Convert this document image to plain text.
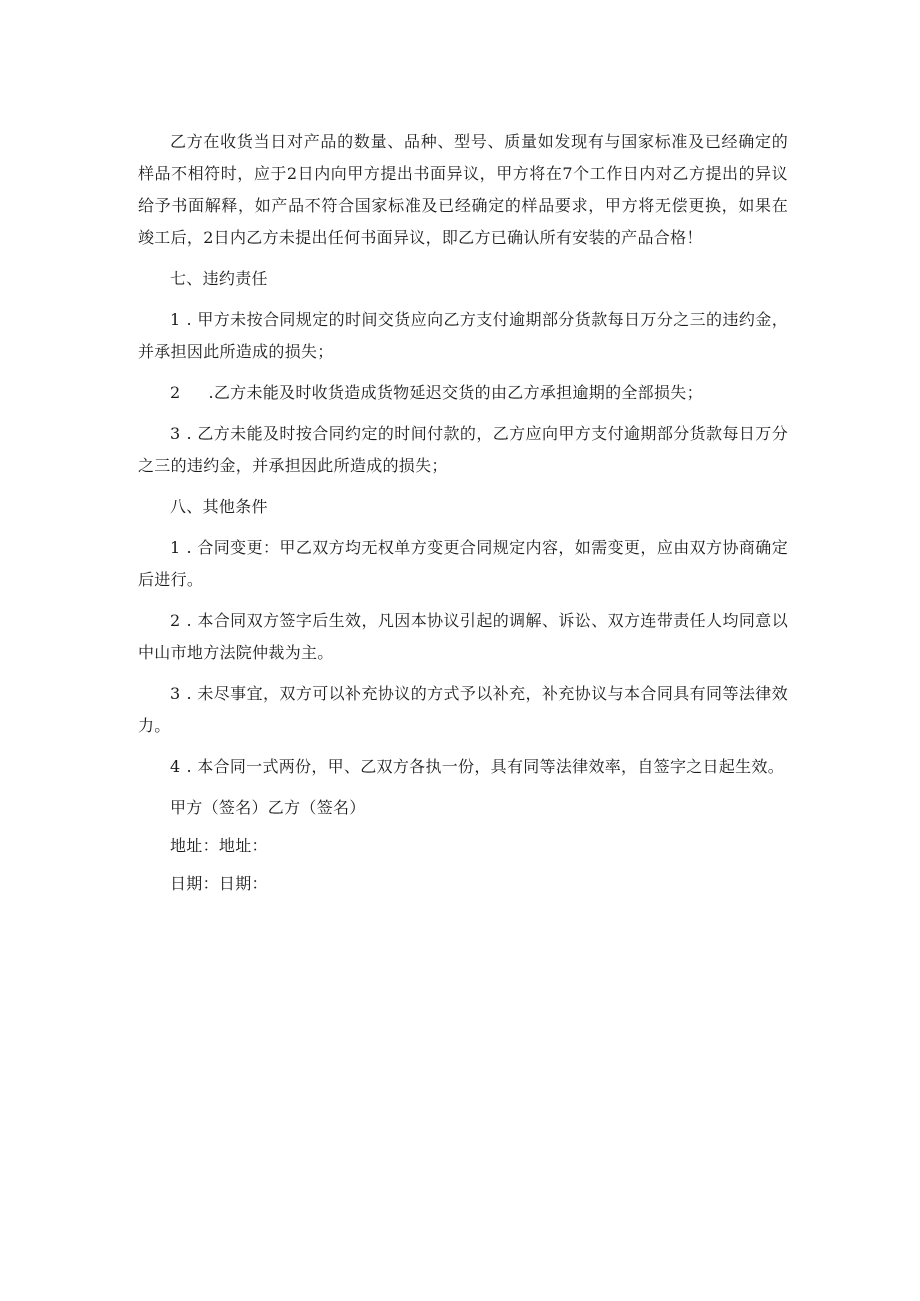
乙方在收货当日对产品的数量、品种、型号、质量如发现有与国家标准及已经确定的样品不相符时，应于2日内向甲方提出书面异议，甲方将在7个工作日内对乙方提出的异议给予书面解释，如产品不符合国家标准及已经确定的样品要求，甲方将无偿更换，如果在竣工后，2日内乙方未提出任何书面异议，即乙方已确认所有安装的产品合格！

七、违约责任

1 . 甲方未按合同规定的时间交货应向乙方支付逾期部分货款每日万分之三的违约金，并承担因此所造成的损失；

2 .乙方未能及时收货造成货物延迟交货的由乙方承担逾期的全部损失；

3 . 乙方未能及时按合同约定的时间付款的，乙方应向甲方支付逾期部分货款每日万分之三的违约金，并承担因此所造成的损失；

八、其他条件

1 . 合同变更：甲乙双方均无权单方变更合同规定内容，如需变更，应由双方协商确定后进行。

2 . 本合同双方签字后生效，凡因本协议引起的调解、诉讼、双方连带责任人均同意以中山市地方法院仲裁为主。

3 . 未尽事宜，双方可以补充协议的方式予以补充，补充协议与本合同具有同等法律效力。

4 . 本合同一式两份，甲、乙双方各执一份，具有同等法律效率，自签字之日起生效。

甲方（签名）乙方（签名）

地址：地址：

日期：日期：
